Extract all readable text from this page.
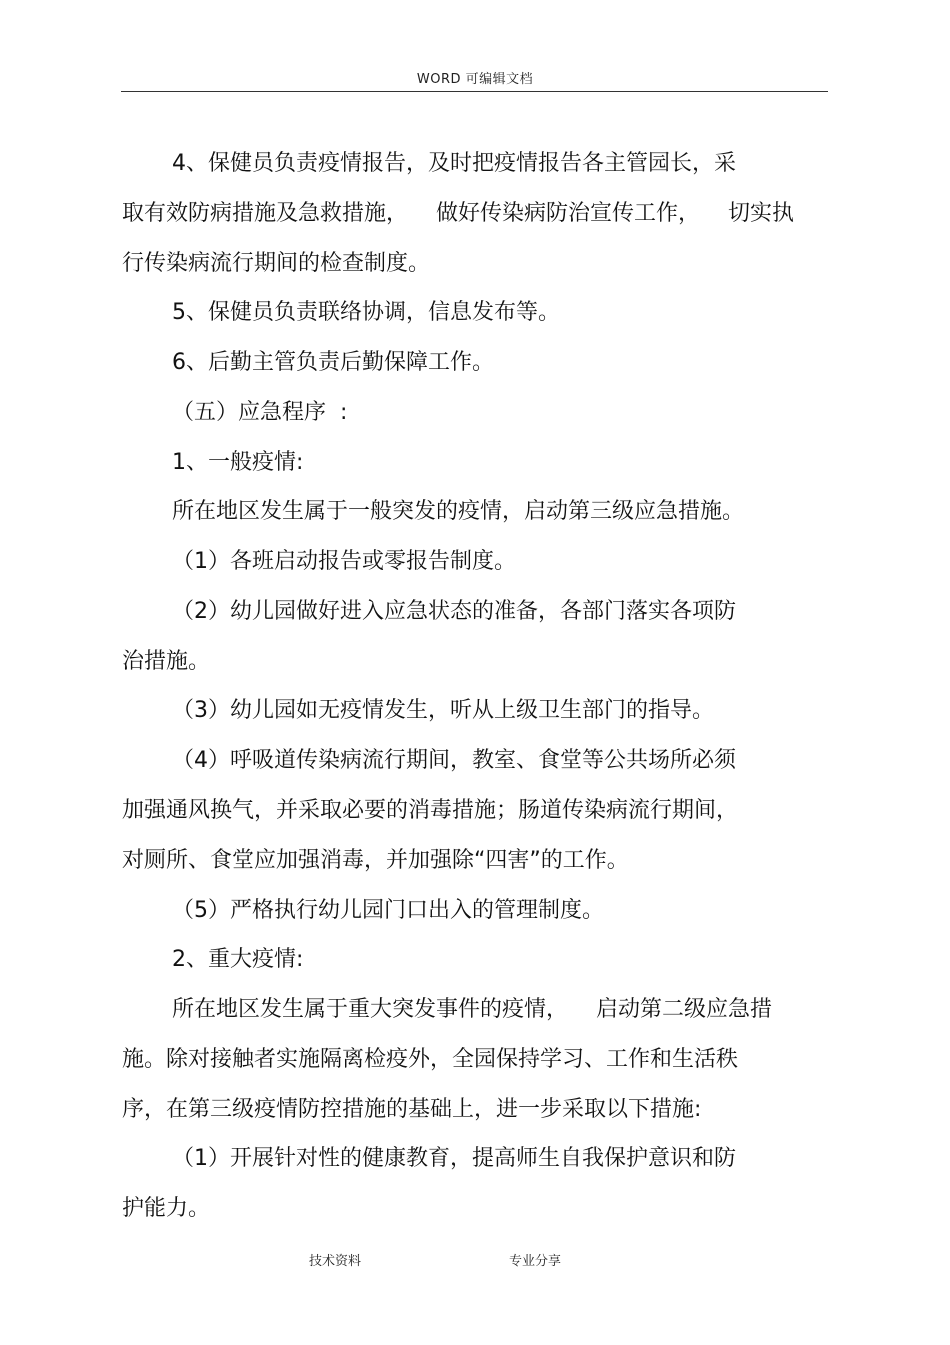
WORD 可编辑文档
4、保健员负责疫情报告，及时把疫情报告各主管园长，采
取有效防病措施及急救措施，    做好传染病防治宣传工作，    切实执
行传染病流行期间的检查制度。
5、保健员负责联络协调，信息发布等。
6、后勤主管负责后勤保障工作。
（五）应急程序  :
1、一般疫情:
所在地区发生属于一般突发的疫情，启动第三级应急措施。
（1）各班启动报告或零报告制度。
（2）幼儿园做好进入应急状态的准备，各部门落实各项防
治措施。
（3）幼儿园如无疫情发生，听从上级卫生部门的指导。
（4）呼吸道传染病流行期间，教室、食堂等公共场所必须
加强通风换气，并采取必要的消毒措施；肠道传染病流行期间，
对厕所、食堂应加强消毒，并加强除“四害”的工作。
（5）严格执行幼儿园门口出入的管理制度。
2、重大疫情:
所在地区发生属于重大突发事件的疫情，    启动第二级应急措
施。除对接触者实施隔离检疫外，全园保持学习、工作和生活秩
序，在第三级疫情防控措施的基础上，进一步采取以下措施:
（1）开展针对性的健康教育，提高师生自我保护意识和防
护能力。
技术资料	专业分享
